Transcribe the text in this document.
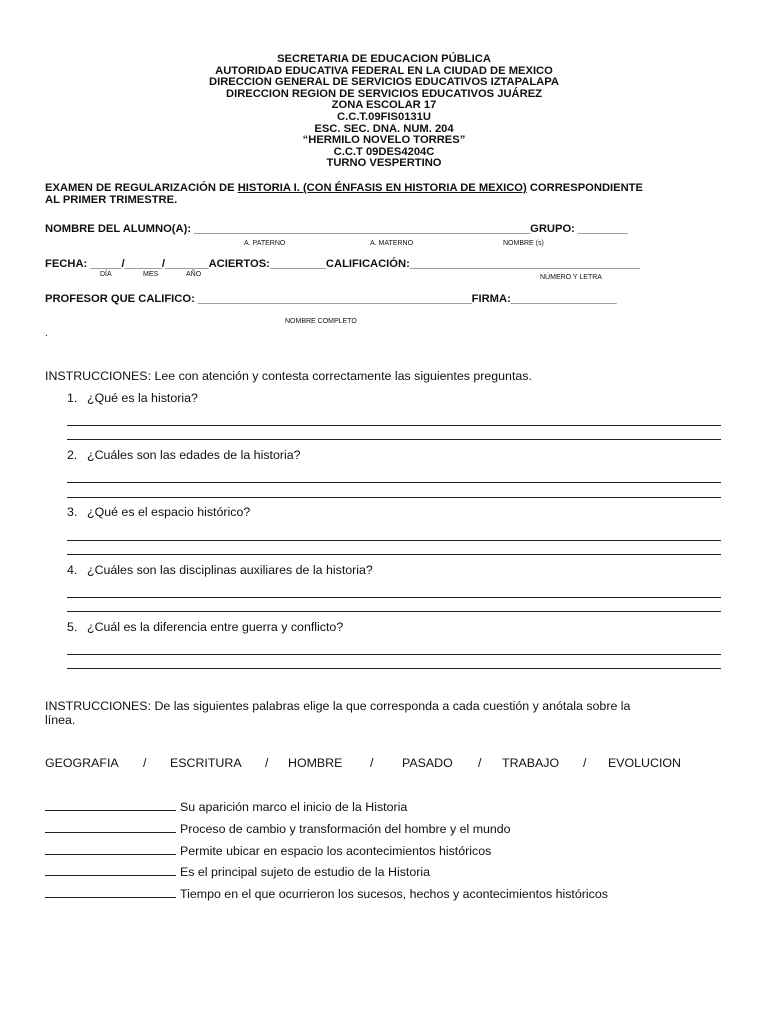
SECRETARIA DE EDUCACION PÚBLICA
AUTORIDAD EDUCATIVA FEDERAL EN LA CIUDAD DE MEXICO
DIRECCION GENERAL DE SERVICIOS EDUCATIVOS IZTAPALAPA
DIRECCION REGION DE SERVICIOS EDUCATIVOS JUÁREZ
ZONA ESCOLAR 17
C.C.T.09FIS0131U
ESC. SEC. DNA. NUM. 204
“HERMILO NOVELO TORRES”
C.C.T 09DES4204C
TURNO VESPERTINO
EXAMEN DE REGULARIZACIÓN DE HISTORIA I. (CON ÉNFASIS EN HISTORIA DE MEXICO) CORRESPONDIENTE
AL PRIMER TRIMESTRE.
NOMBRE DEL ALUMNO(A): ______________________________________________________GRUPO: ________
A. PATERNO	A. MATERNO	NOMBRE (s)
FECHA: _____/______/_______ACIERTOS:_________CALIFICACIÓN:_____________________________________
DÍA	MES	AÑO	NÚMERO Y LETRA
PROFESOR QUE CALIFICO: ____________________________________________FIRMA:_________________
NOMBRE COMPLETO
.
INSTRUCCIONES: Lee con atención y contesta correctamente las siguientes preguntas.
1. ¿Qué es la historia?
2. ¿Cuáles son las edades de la historia?
3. ¿Qué es el espacio histórico?
4. ¿Cuáles son las disciplinas auxiliares de la historia?
5. ¿Cuál es la diferencia entre guerra y conflicto?
INSTRUCCIONES: De las siguientes palabras elige la que corresponda a cada cuestión y anótala sobre la
línea.
GEOGRAFIA / ESCRITURA / HOMBRE / PASADO / TRABAJO / EVOLUCION
Su aparición marco el inicio de la Historia
Proceso de cambio y transformación del hombre y el mundo
Permite ubicar en espacio los acontecimientos históricos
Es el principal sujeto de estudio de la Historia
Tiempo en el que ocurrieron los sucesos, hechos y acontecimientos históricos
